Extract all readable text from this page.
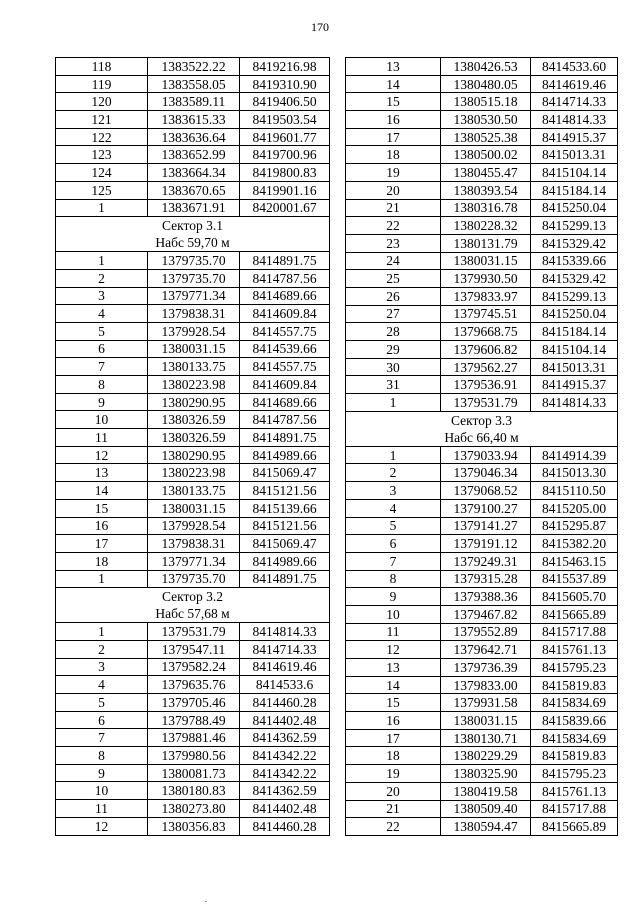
170
118	1383522.22	8419216.98
119	1383558.05	8419310.90
120	1383589.11	8419406.50
121	1383615.33	8419503.54
122	1383636.64	8419601.77
123	1383652.99	8419700.96
124	1383664.34	8419800.83
125	1383670.65	8419901.16
1	1383671.91	8420001.67

Сектор 3.1
Набс 59,70 м		

1	1379735.70	8414891.75
2	1379735.70	8414787.56
3	1379771.34	8414689.66
4	1379838.31	8414609.84
5	1379928.54	8414557.75
6	1380031.15	8414539.66
7	1380133.75	8414557.75
8	1380223.98	8414609.84
9	1380290.95	8414689.66
10	1380326.59	8414787.56
11	1380326.59	8414891.75
12	1380290.95	8414989.66
13	1380223.98	8415069.47
14	1380133.75	8415121.56
15	1380031.15	8415139.66
16	1379928.54	8415121.56
17	1379838.31	8415069.47
18	1379771.34	8414989.66
1	1379735.70	8414891.75

Сектор 3.2
Набс 57,68 м		

1	1379531.79	8414814.33
2	1379547.11	8414714.33
3	1379582.24	8414619.46
4	1379635.76	8414533.6
5	1379705.46	8414460.28
6	1379788.49	8414402.48
7	1379881.46	8414362.59
8	1379980.56	8414342.22
9	1380081.73	8414342.22
10	1380180.83	8414362.59
11	1380273.80	8414402.48
12	1380356.83	8414460.28
13	1380426.53	8414533.60
14	1380480.05	8414619.46
15	1380515.18	8414714.33
16	1380530.50	8414814.33
17	1380525.38	8414915.37
18	1380500.02	8415013.31
19	1380455.47	8415104.14
20	1380393.54	8415184.14
21	1380316.78	8415250.04
22	1380228.32	8415299.13
23	1380131.79	8415329.42
24	1380031.15	8415339.66
25	1379930.50	8415329.42
26	1379833.97	8415299.13
27	1379745.51	8415250.04
28	1379668.75	8415184.14
29	1379606.82	8415104.14
30	1379562.27	8415013.31
31	1379536.91	8414915.37
1	1379531.79	8414814.33

Сектор 3.3
Набс 66,40 м		

1	1379033.94	8414914.39
2	1379046.34	8415013.30
3	1379068.52	8415110.50
4	1379100.27	8415205.00
5	1379141.27	8415295.87
6	1379191.12	8415382.20
7	1379249.31	8415463.15
8	1379315.28	8415537.89
9	1379388.36	8415605.70
10	1379467.82	8415665.89
11	1379552.89	8415717.88
12	1379642.71	8415761.13
13	1379736.39	8415795.23
14	1379833.00	8415819.83
15	1379931.58	8415834.69
16	1380031.15	8415839.66
17	1380130.71	8415834.69
18	1380229.29	8415819.83
19	1380325.90	8415795.23
20	1380419.58	8415761.13
21	1380509.40	8415717.88
22	1380594.47	8415665.89
.
